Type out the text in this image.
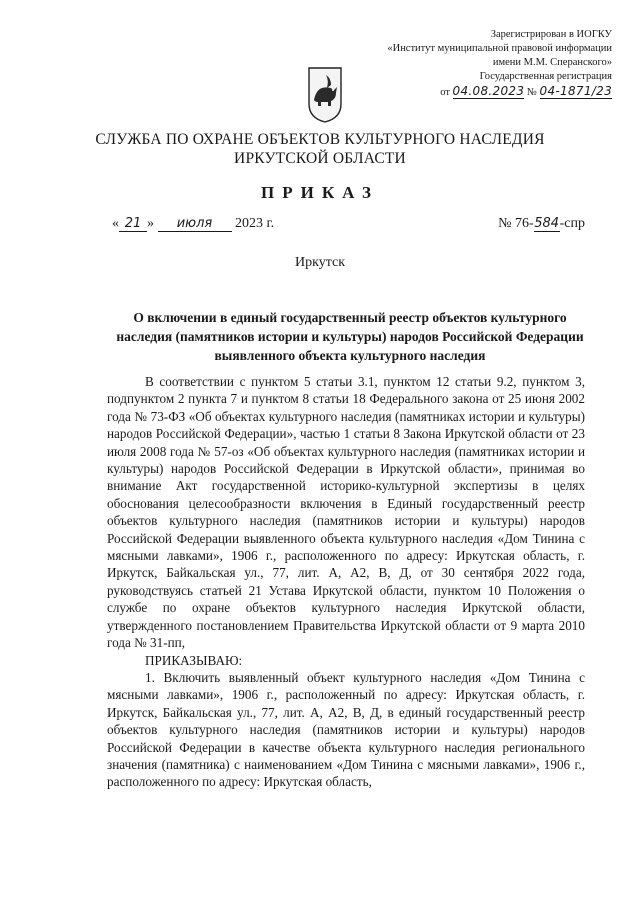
Зарегистрирован в ИОГКУ
«Институт муниципальной правовой информации
имени М.М. Сперанского»
Государственная регистрация
от 04.08.2023 № 04-1871/23
СЛУЖБА ПО ОХРАНЕ ОБЪЕКТОВ КУЛЬТУРНОГО НАСЛЕДИЯ
ИРКУТСКОЙ ОБЛАСТИ
ПРИКАЗ
« 21 » июля 2023 г.	№ 76-584-спр
Иркутск
О включении в единый государственный реестр объектов культурного наследия (памятников истории и культуры) народов Российской Федерации выявленного объекта культурного наследия

В соответствии с пунктом 5 статьи 3.1, пунктом 12 статьи 9.2, пунктом 3, подпунктом 2 пункта 7 и пунктом 8 статьи 18 Федерального закона от 25 июня 2002 года № 73-ФЗ «Об объектах культурного наследия (памятниках истории и культуры) народов Российской Федерации», частью 1 статьи 8 Закона Иркутской области от 23 июля 2008 года № 57-оз «Об объектах культурного наследия (памятниках истории и культуры) народов Российской Федерации в Иркутской области», принимая во внимание Акт государственной историко-культурной экспертизы в целях обоснования целесообразности включения в Единый государственный реестр объектов культурного наследия (памятников истории и культуры) народов Российской Федерации выявленного объекта культурного наследия «Дом Тинина с мясными лавками», 1906 г., расположенного по адресу: Иркутская область, г. Иркутск, Байкальская ул., 77, лит. А, А2, В, Д, от 30 сентября 2022 года, руководствуясь статьей 21 Устава Иркутской области, пунктом 10 Положения о службе по охране объектов культурного наследия Иркутской области, утвержденного постановлением Правительства Иркутской области от 9 марта 2010 года № 31-пп,

ПРИКАЗЫВАЮ:

1. Включить выявленный объект культурного наследия «Дом Тинина с мясными лавками», 1906 г., расположенный по адресу: Иркутская область, г. Иркутск, Байкальская ул., 77, лит. А, А2, В, Д, в единый государственный реестр объектов культурного наследия (памятников истории и культуры) народов Российской Федерации в качестве объекта культурного наследия регионального значения (памятника) с наименованием «Дом Тинина с мясными лавками», 1906 г., расположенного по адресу: Иркутская область,
